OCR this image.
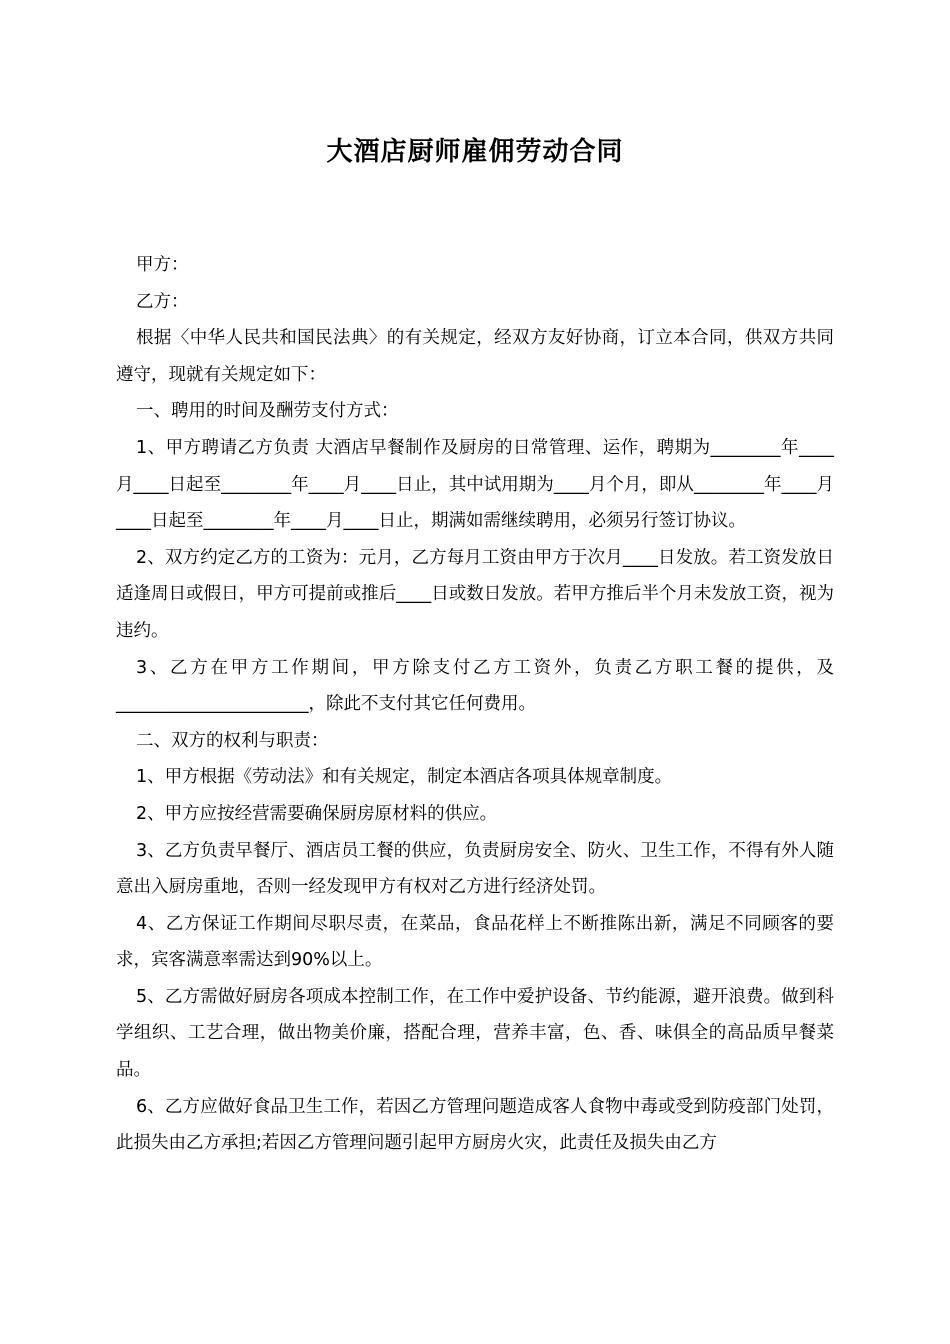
大酒店厨师雇佣劳动合同

甲方：

乙方：

根据〈中华人民共和国民法典〉的有关规定，经双方友好协商，订立本合同，供双方共同遵守，现就有关规定如下：

一、聘用的时间及酬劳支付方式：

1、甲方聘请乙方负责 大酒店早餐制作及厨房的日常管理、运作，聘期为________年____月____日起至________年____月____日止，其中试用期为____月个月，即从________年____月____日起至________年____月____日止，期满如需继续聘用，必须另行签订协议。

2、双方约定乙方的工资为：元月，乙方每月工资由甲方于次月____日发放。若工资发放日适逢周日或假日，甲方可提前或推后____日或数日发放。若甲方推后半个月未发放工资，视为违约。

3、乙方在甲方工作期间，甲方除支付乙方工资外，负责乙方职工餐的提供，及______________________，除此不支付其它任何费用。

二、双方的权利与职责：

1、甲方根据《劳动法》和有关规定，制定本酒店各项具体规章制度。

2、甲方应按经营需要确保厨房原材料的供应。

3、乙方负责早餐厅、酒店员工餐的供应，负责厨房安全、防火、卫生工作，不得有外人随意出入厨房重地，否则一经发现甲方有权对乙方进行经济处罚。

4、乙方保证工作期间尽职尽责，在菜品，食品花样上不断推陈出新，满足不同顾客的要求，宾客满意率需达到90%以上。

5、乙方需做好厨房各项成本控制工作，在工作中爱护设备、节约能源，避开浪费。做到科学组织、工艺合理，做出物美价廉，搭配合理，营养丰富，色、香、味俱全的高品质早餐菜品。

6、乙方应做好食品卫生工作，若因乙方管理问题造成客人食物中毒或受到防疫部门处罚，此损失由乙方承担;若因乙方管理问题引起甲方厨房火灾，此责任及损失由乙方
